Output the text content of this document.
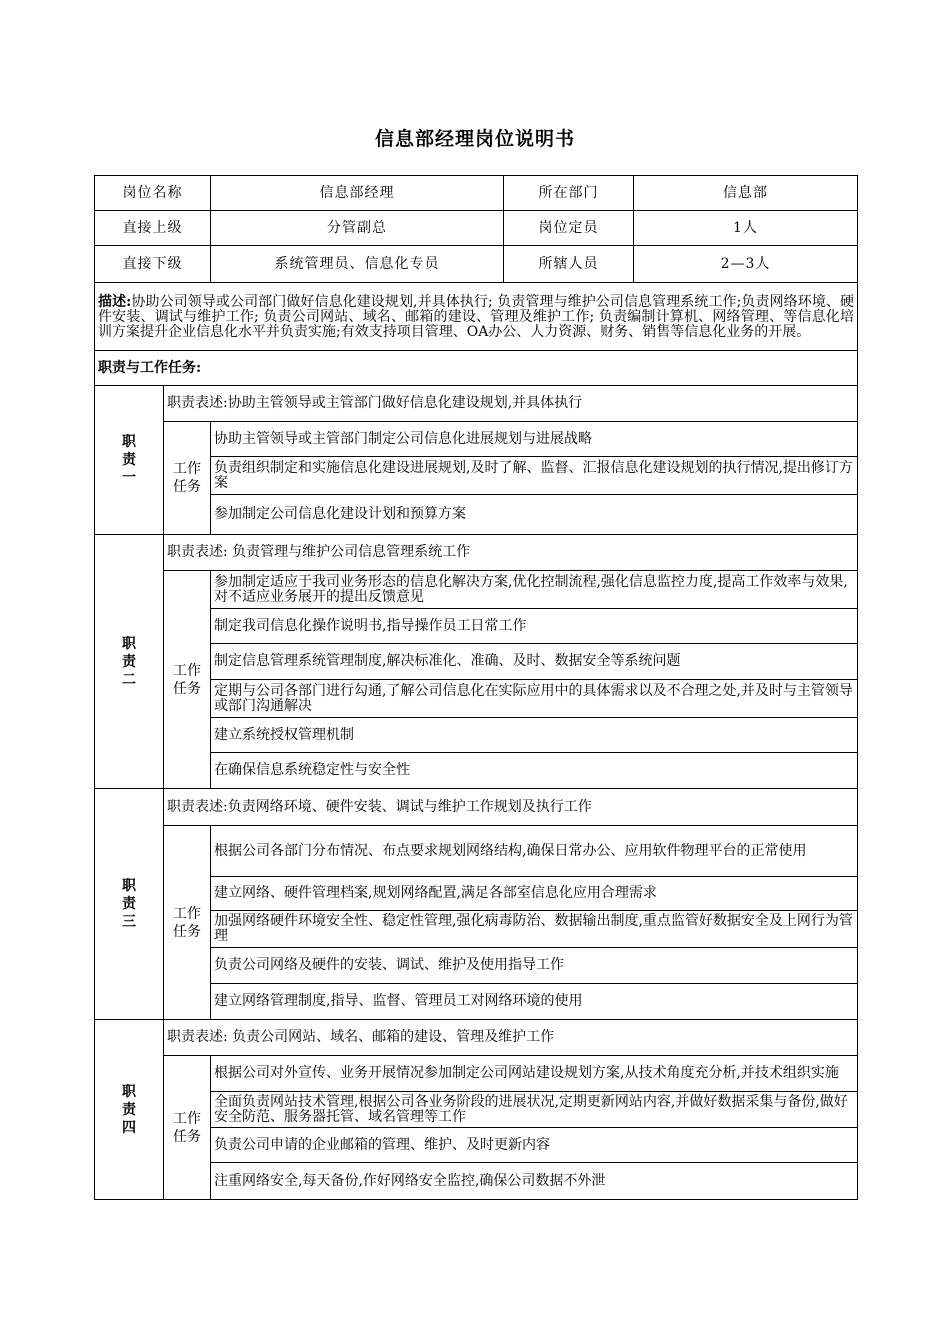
信息部经理岗位说明书
岗位名称		信息部经理	所在部门	信息部
直接上级		分管副总	岗位定员	1人
直接下级		系统管理员、信息化专员	所辖人员	2—3人
描述:协助公司领导或公司部门做好信息化建设规划,并具体执行; 负责管理与维护公司信息管理系统工作;负责网络环境、硬件安装、调试与维护工作; 负责公司网站、域名、邮箱的建设、管理及维护工作; 负责编制计算机、网络管理、等信息化培训方案提升企业信息化水平并负责实施;有效支持项目管理、OA办公、人力资源、财务、销售等信息化业务的开展。				
职责与工作任务:				

职责一	职责表述:协助主管领导或主管部门做好信息化建设规划,并具体执行			

	工作任务	协助主管领导或主管部门制定公司信息化进展规划与进展战略		
		负责组织制定和实施信息化建设进展规划,及时了解、监督、汇报信息化建设规划的执行情况,提出修订方案		
		参加制定公司信息化建设计划和预算方案		

职责二	职责表述: 负责管理与维护公司信息管理系统工作			

	工作任务	参加制定适应于我司业务形态的信息化解决方案,优化控制流程,强化信息监控力度,提高工作效率与效果,对不适应业务展开的提出反馈意见		
		制定我司信息化操作说明书,指导操作员工日常工作		
		制定信息管理系统管理制度,解决标准化、准确、及时、数据安全等系统问题		
		定期与公司各部门进行勾通,了解公司信息化在实际应用中的具体需求以及不合理之处,并及时与主管领导或部门沟通解决		
		建立系统授权管理机制		
		在确保信息系统稳定性与安全性		

职责三	职责表述:负责网络环境、硬件安装、调试与维护工作规划及执行工作			

	工作任务	根据公司各部门分布情况、布点要求规划网络结构,确保日常办公、应用软件物理平台的正常使用		
		建立网络、硬件管理档案,规划网络配置,满足各部室信息化应用合理需求		
		加强网络硬件环境安全性、稳定性管理,强化病毒防治、数据输出制度,重点监管好数据安全及上网行为管理		
		负责公司网络及硬件的安装、调试、维护及使用指导工作		
		建立网络管理制度,指导、监督、管理员工对网络环境的使用		

职责四	职责表述: 负责公司网站、域名、邮箱的建设、管理及维护工作			

	工作任务	根据公司对外宣传、业务开展情况参加制定公司网站建设规划方案,从技术角度充分析,并技术组织实施		
		全面负责网站技术管理,根据公司各业务阶段的进展状况,定期更新网站内容,并做好数据采集与备份,做好安全防范、服务器托管、域名管理等工作		
		负责公司申请的企业邮箱的管理、维护、及时更新内容		
		注重网络安全,每天备份,作好网络安全监控,确保公司数据不外泄		
